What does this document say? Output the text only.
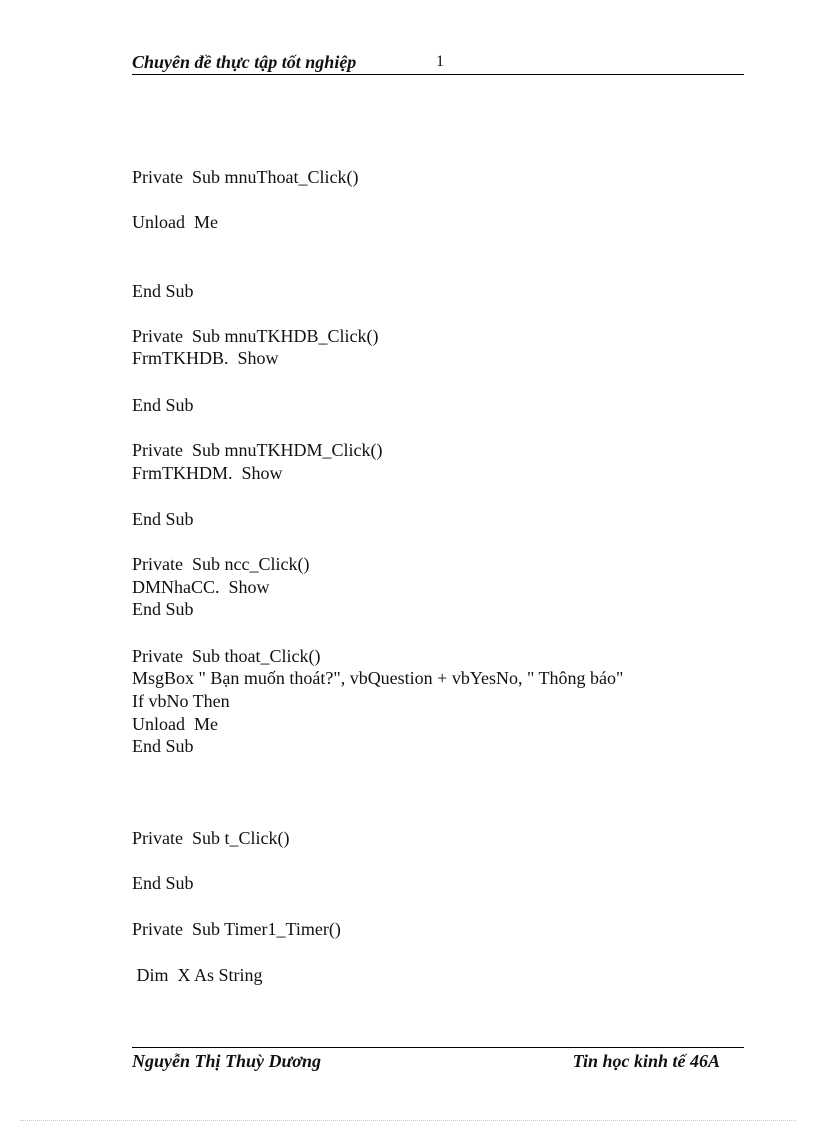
Chuyên đề thực tập tốt nghiệp	1
Private  Sub mnuThoat_Click()
Unload  Me
End Sub
Private  Sub mnuTKHDB_Click()
FrmTKHDB.  Show
End Sub
Private  Sub mnuTKHDM_Click()
FrmTKHDM.  Show
End Sub
Private  Sub ncc_Click()
DMNhaCC.  Show
End Sub
Private  Sub thoat_Click()
MsgBox " Bạn muốn thoát?", vbQuestion + vbYesNo, " Thông báo"
If vbNo Then
Unload  Me
End Sub
Private  Sub t_Click()
End Sub
Private  Sub Timer1_Timer()
Dim  X As String
Nguyễn Thị Thuỳ Dương	Tin học kinh tế 46A
